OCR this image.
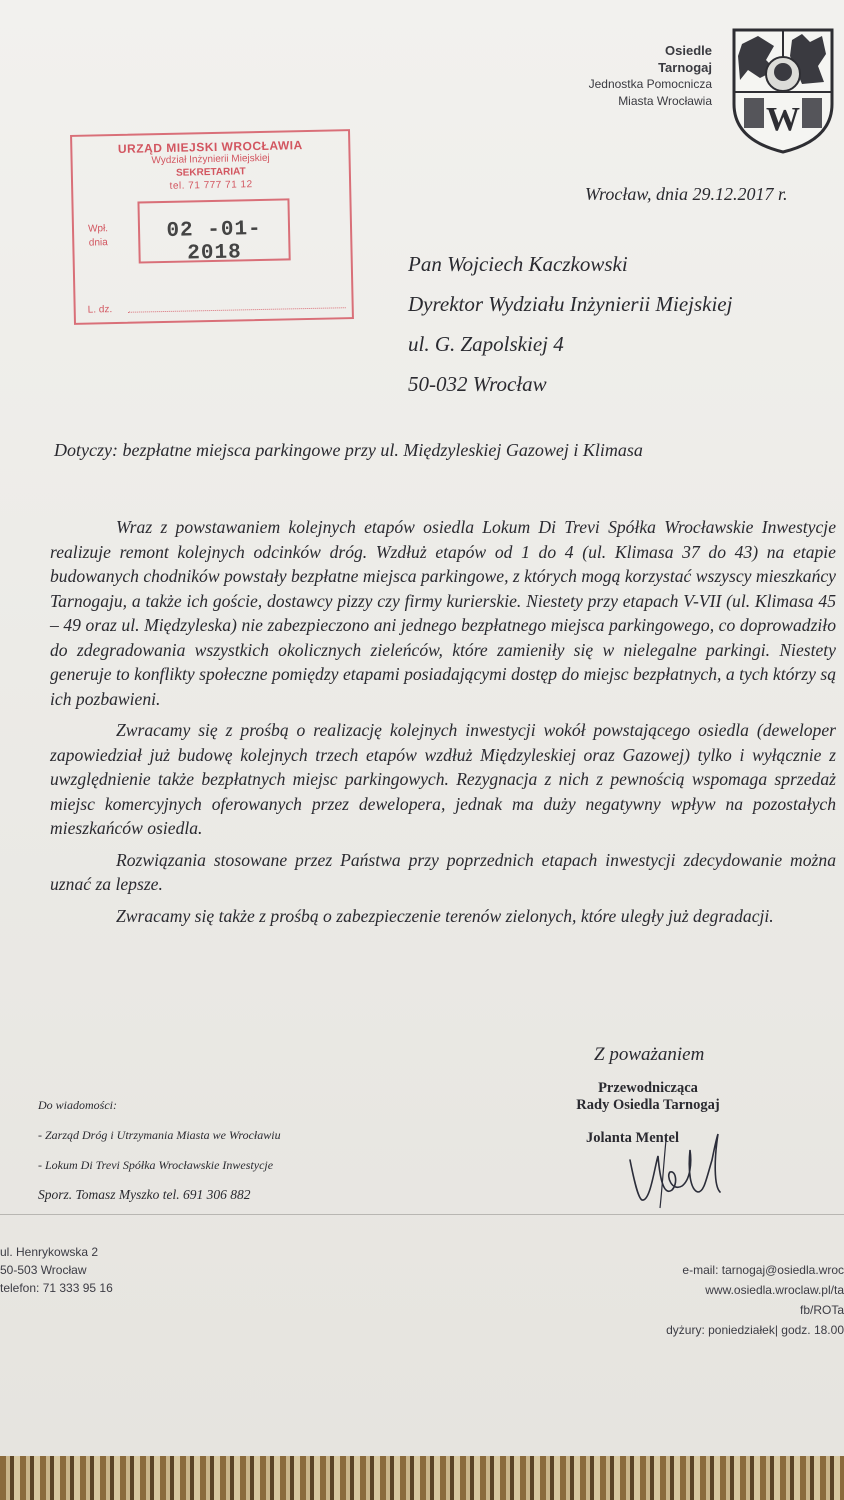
Osiedle
Tarnogaj
Jednostka Pomocnicza
Miasta Wrocławia W
URZĄD MIEJSKI WROCŁAWIA
Wydział Inżynierii Miejskiej
SEKRETARIAT
tel. 71 777 71 12
Wpł.
dnia	02 -01- 2018
L. dz.
Wrocław, dnia 29.12.2017 r.
Pan Wojciech Kaczkowski
Dyrektor Wydziału Inżynierii Miejskiej
ul. G. Zapolskiej 4
50-032 Wrocław
Dotyczy: bezpłatne miejsca parkingowe przy ul. Międzyleskiej Gazowej i Klimasa

Wraz z powstawaniem kolejnych etapów osiedla Lokum Di Trevi Spółka Wrocławskie Inwestycje realizuje remont kolejnych odcinków dróg. Wzdłuż etapów od 1 do 4 (ul. Klimasa 37 do 43) na etapie budowanych chodników powstały bezpłatne miejsca parkingowe, z których mogą korzystać wszyscy mieszkańcy Tarnogaju, a także ich goście, dostawcy pizzy czy firmy kurierskie. Niestety przy etapach V-VII (ul. Klimasa 45 – 49 oraz ul. Międzyleska) nie zabezpieczono ani jednego bezpłatnego miejsca parkingowego, co doprowadziło do zdegradowania wszystkich okolicznych zieleńców, które zamieniły się w nielegalne parkingi. Niestety generuje to konflikty społeczne pomiędzy etapami posiadającymi dostęp do miejsc bezpłatnych, a tych którzy są ich pozbawieni.

Zwracamy się z prośbą o realizację kolejnych inwestycji wokół powstającego osiedla (deweloper zapowiedział już budowę kolejnych trzech etapów wzdłuż Międzyleskiej oraz Gazowej) tylko i wyłącznie z uwzględnienie także bezpłatnych miejsc parkingowych. Rezygnacja z nich z pewnością wspomaga sprzedaż miejsc komercyjnych oferowanych przez dewelopera, jednak ma duży negatywny wpływ na pozostałych mieszkańców osiedla.

Rozwiązania stosowane przez Państwa przy poprzednich etapach inwestycji zdecydowanie można uznać za lepsze.

Zwracamy się także z prośbą o zabezpieczenie terenów zielonych, które uległy już degradacji.

Z poważaniem
Przewodnicząca
Rady Osiedla Tarnogaj
Jolanta Mentel
Do wiadomości:
- Zarząd Dróg i Utrzymania Miasta we Wrocławiu
- Lokum Di Trevi Spółka Wrocławskie Inwestycje
Sporz. Tomasz Myszko tel. 691 306 882
ul. Henrykowska 2
50-503 Wrocław
telefon: 71 333 95 16
e-mail: tarnogaj@osiedla.wroc
www.osiedla.wroclaw.pl/ta
fb/ROTa
dyżury: poniedziałek| godz. 18.00
